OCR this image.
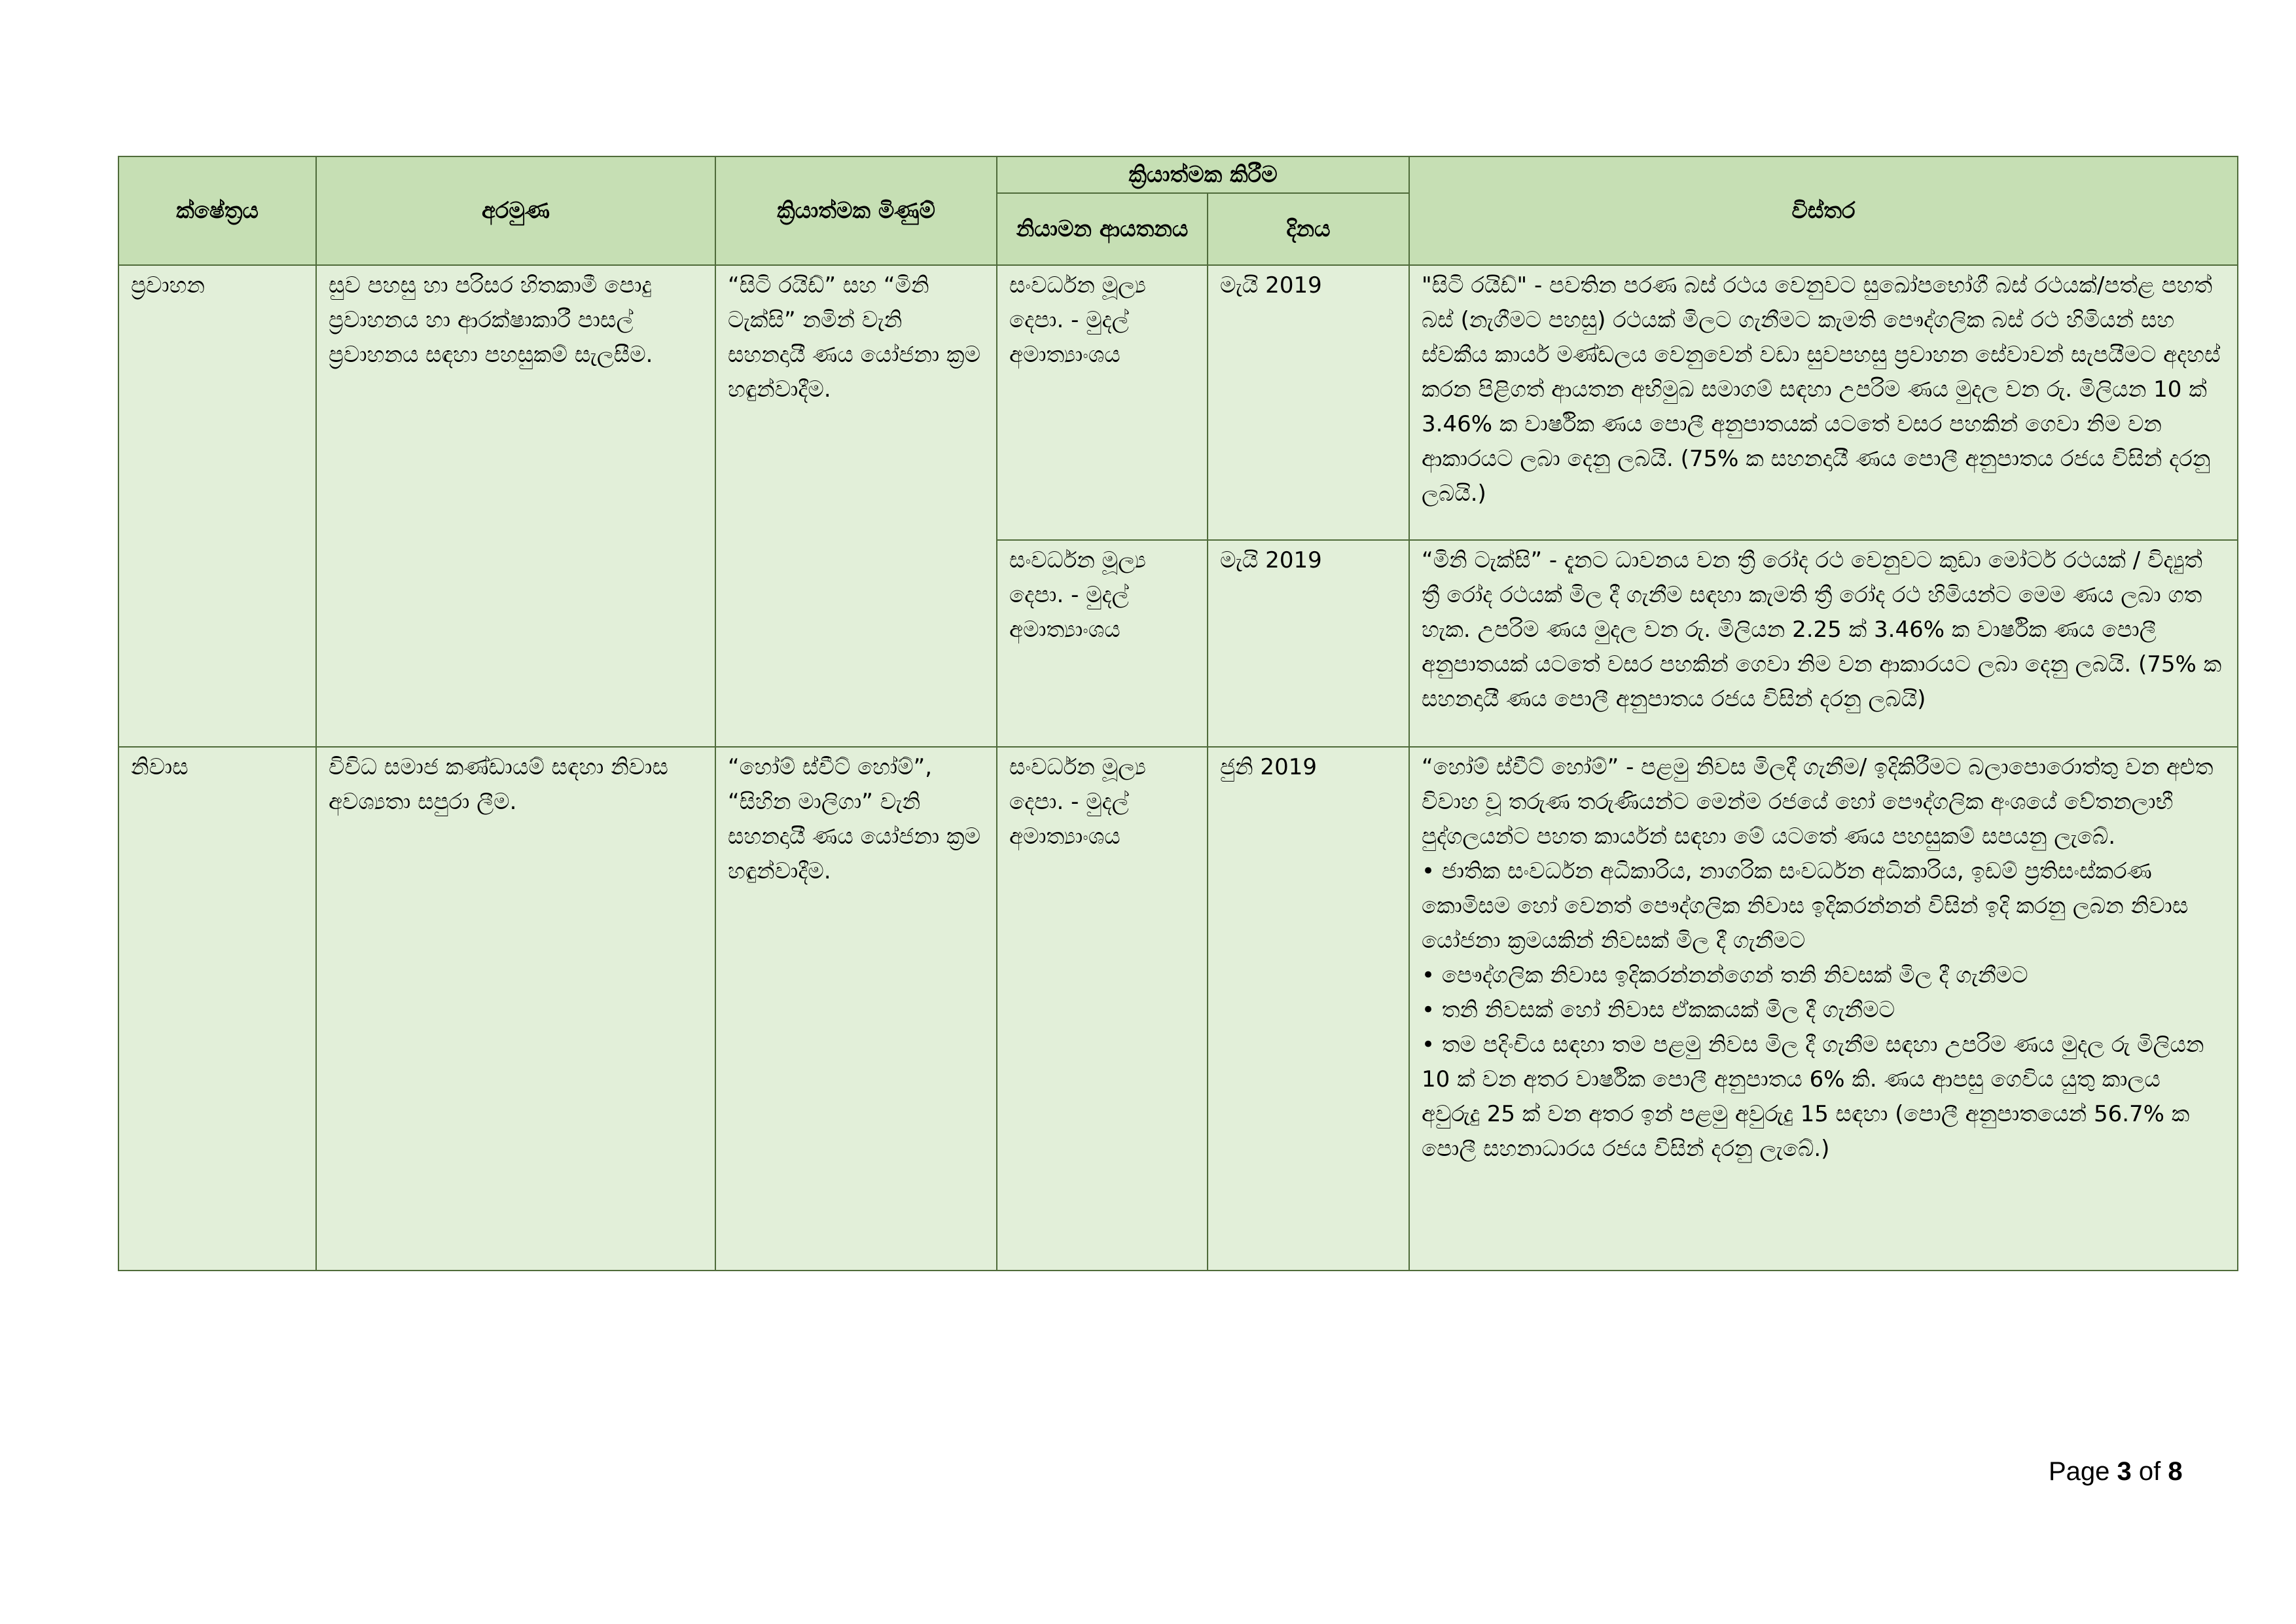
ක්ෂේත්‍රය	අරමුණ	ක්‍රියාත්මක මිණුම්	ක්‍රියාත්මක කිරීම		විස්තර
			නියාමන ආයතනය	දිනය	
ප්‍රවාහන	සුව පහසු හා පරිසර හිතකාමී පොදු ප්‍රවාහනය හා ආරක්ෂාකාරී පාසල් ප්‍රවාහනය සඳහා පහසුකම් සැලසීම.	“සිටි රයිඩ්” සහ “මිනි ටැක්සි” නමින් වැනි සහනදායී ණය යෝජනා ක්‍රම හඳුන්වාදීම.	සංවර්ධන මූල්‍ය දෙපා. - මුදල් අමාත්‍යාංශය	මැයි 2019	"සිටි රයිඩ්" - පවතින පරණ බස් රථය වෙනුවට සුඛෝපභෝගී බස් රථයක්/පත්ළ පහත් බස් (නැගීමට පහසු) රථයක් මිලට ගැනීමට කැමති පෞද්ගලික බස් රථ හිමියන් සහ ස්වකීය කාර්ය මණ්ඩලය වෙනුවෙන් වඩා සුවපහසු ප්‍රවාහන සේවාවන් සැපයීමට අදහස් කරන පිළිගත් ආයතන අභිමුඛ සමාගම් සඳහා උපරිම ණය මුදල වන රු. මිලියන 10 ක් 3.46% ක වාර්ෂික ණය පොලී අනුපාතයක් යටතේ වසර පහකින් ගෙවා නිම වන ආකාරයට ලබා දෙනු ලබයි. (75% ක සහනදායී ණය පොලී අනුපාතය රජය විසින් දරනු ලබයි.)
			සංවර්ධන මූල්‍ය දෙපා. - මුදල් අමාත්‍යාංශය	මැයි 2019	“මිනි ටැක්සි” - දැනට ධාවනය වන ත්‍රී රෝද රථ වෙනුවට කුඩා මෝටර් රථයක් / විද්‍යුත් ත්‍රී රෝද රථයක් මිල දී ගැනීම සඳහා කැමති ත්‍රී රෝද රථ හිමියන්ට මෙම ණය ලබා ගත හැක. උපරිම ණය මුදල වන රු. මිලියන 2.25 ක් 3.46% ක වාර්ෂික ණය පොලී අනුපාතයක් යටතේ වසර පහකින් ගෙවා නිම වන ආකාරයට ලබා දෙනු ලබයි. (75% ක සහනදායී ණය පොලී අනුපාතය රජය විසින් දරනු ලබයි)
නිවාස	විවිධ සමාජ කණ්ඩායම් සඳහා නිවාස අවශ්‍යතා සපුරා ලීම.	“හෝම් ස්වීට් හෝම්”, “සිහින මාලිගා” වැනි සහනදායී ණය යෝජනා ක්‍රම හඳුන්වාදීම.	සංවර්ධන මූල්‍ය දෙපා. - මුදල් අමාත්‍යාංශය	ජුනි 2019	“හෝම් ස්වීට් හෝම්” - පළමු නිවස මිලදී ගැනීම/ ඉදිකිරීමට බලාපොරොත්තු වන අළුත විවාහ වූ තරුණ තරුණියන්ට මෙන්ම රජයේ හෝ පෞද්ගලික අංශයේ වේතනලාභී පුද්ගලයන්ට පහත කාර්යන් සඳහා මේ යටතේ ණය පහසුකම් සපයනු ලැබේ.
• ජාතික සංවර්ධන අධිකාරිය, නාගරික සංවර්ධන අධිකාරිය, ඉඩම් ප්‍රතිසංස්කරණ කොමිසම හෝ වෙනත් පෞද්ගලික නිවාස ඉදිකරන්නන් විසින් ඉදි කරනු ලබන නිවාස යෝජනා ක්‍රමයකින් නිවසක් මිල දී ගැනීමට
• පෞද්ගලික නිවාස ඉදිකරන්නන්ගෙන් තනි නිවසක් මිල දී ගැනීමට
• තනි නිවසක් හෝ නිවාස ඒකකයක් මිල දී ගැනීමට
• තම පදිංචිය සඳහා තම පළමු නිවස මිල දී ගැනීම සඳහා උපරිම ණය මුදල රු මිලියන 10 ක් වන අතර වාර්ෂික පොලී අනුපාතය 6% කි. ණය ආපසු ගෙවිය යුතු කාලය අවුරුදු 25 ක් වන අතර ඉන් පළමු අවුරුදු 15 සඳහා (පොලී අනුපාතයෙන් 56.7% ක පොලී සහනාධාරය රජය විසින් දරනු ලැබේ.)
Page 3 of 8
